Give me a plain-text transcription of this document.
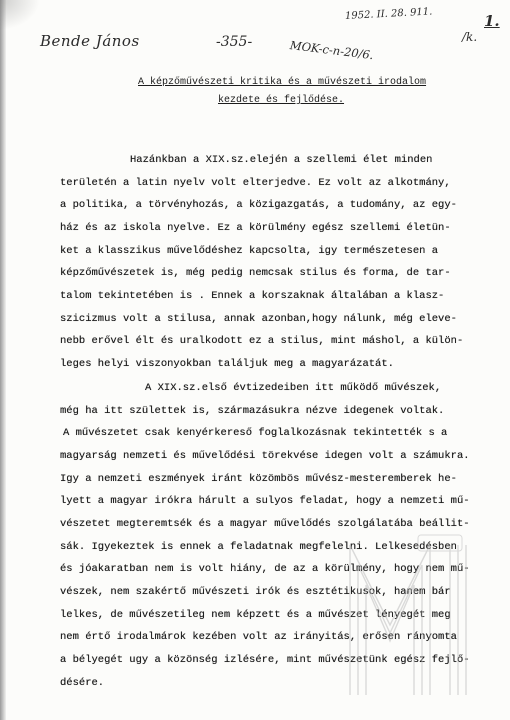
Bende János	-355-	MOK-c-n-20/6.
1952. II. 28. 911.
/k.
1.
A képzőművészeti kritika és a művészeti irodalom
kezdete és fejlődése.
Hazánkban a XIX.sz.elején a szellemi élet minden
területén a latin nyelv volt elterjedve. Ez volt az alkotmány,
a politika, a törvényhozás, a közigazgatás, a tudomány, az egy-
ház és az iskola nyelve. Ez a körülmény egész szellemi életün-
ket a klasszikus művelődéshez kapcsolta, igy természetesen a
képzőművészetek is, még pedig nemcsak stilus és forma, de tar-
talom tekintetében is . Ennek a korszaknak általában a klasz-
szicizmus volt a stilusa, annak azonban,hogy nálunk, még eleve-
nebb erővel élt és uralkodott ez a stilus, mint máshol, a külön-
leges helyi viszonyokban találjuk meg a magyarázatát.
A XIX.sz.első évtizedeiben itt működő művészek,
még ha itt születtek is, származásukra nézve idegenek voltak.
A művészetet csak kenyérkereső foglalkozásnak tekintették s a
magyarság nemzeti és művelődési törekvése idegen volt a számukra.
Igy a nemzeti eszmények iránt közömbös művész-mesteremberek he-
lyett a magyar irókra hárult a sulyos feladat, hogy a nemzeti mű-
vészetet megteremtsék és a magyar művelődés szolgálatába beállit-
sák. Igyekeztek is ennek a feladatnak megfelelni. Lelkesedésben
és jóakaratban nem is volt hiány, de az a körülmény, hogy nem mű-
vészek, nem szakértő művészeti irók és esztétikusok, hanem bár
lelkes, de művészetileg nem képzett és a művészet lényegét meg
nem értő irodalmárok kezében volt az irányitás, erősen rányomta
a bélyegét ugy a közönség izlésére, mint művészetünk egész fejlő-
désére.
